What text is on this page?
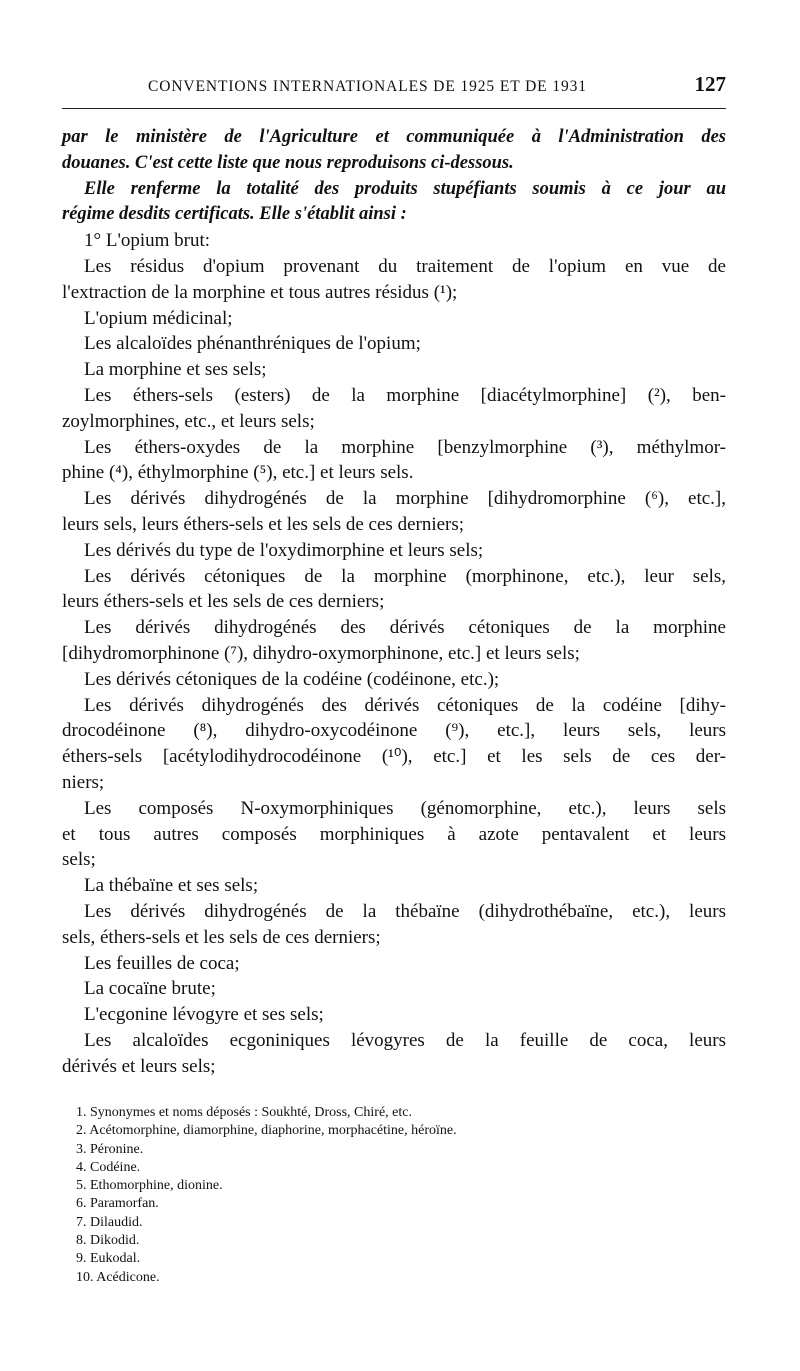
CONVENTIONS INTERNATIONALES DE 1925 ET DE 1931	127
par le ministère de l'Agriculture et communiquée à l'Administration des
douanes. C'est cette liste que nous reproduisons ci-dessous.
Elle renferme la totalité des produits stupéfiants soumis à ce jour au
régime desdits certificats. Elle s'établit ainsi :
1° L'opium brut:
Les résidus d'opium provenant du traitement de l'opium en vue de
l'extraction de la morphine et tous autres résidus (¹);
L'opium médicinal;
Les alcaloïdes phénanthréniques de l'opium;
La morphine et ses sels;
Les éthers-sels (esters) de la morphine [diacétylmorphine] (²), ben-
zoylmorphines, etc., et leurs sels;
Les éthers-oxydes de la morphine [benzylmorphine (³), méthylmor-
phine (⁴), éthylmorphine (⁵), etc.] et leurs sels.
Les dérivés dihydrogénés de la morphine [dihydromorphine (⁶), etc.],
leurs sels, leurs éthers-sels et les sels de ces derniers;
Les dérivés du type de l'oxydimorphine et leurs sels;
Les dérivés cétoniques de la morphine (morphinone, etc.), leur sels,
leurs éthers-sels et les sels de ces derniers;
Les dérivés dihydrogénés des dérivés cétoniques de la morphine
[dihydromorphinone (⁷), dihydro-oxymorphinone, etc.] et leurs sels;
Les dérivés cétoniques de la codéine (codéinone, etc.);
Les dérivés dihydrogénés des dérivés cétoniques de la codéine [dihy-
drocodéinone (⁸), dihydro-oxycodéinone (⁹), etc.], leurs sels, leurs
éthers-sels [acétylodihydrocodéinone (¹⁰), etc.] et les sels de ces der-
niers;
Les composés N-oxymorphiniques (génomorphine, etc.), leurs sels
et tous autres composés morphiniques à azote pentavalent et leurs
sels;
La thébaïne et ses sels;
Les dérivés dihydrogénés de la thébaïne (dihydrothébaïne, etc.), leurs
sels, éthers-sels et les sels de ces derniers;
Les feuilles de coca;
La cocaïne brute;
L'ecgonine lévogyre et ses sels;
Les alcaloïdes ecgoniniques lévogyres de la feuille de coca, leurs
dérivés et leurs sels;
1. Synonymes et noms déposés : Soukhté, Dross, Chiré, etc.
2. Acétomorphine, diamorphine, diaphorine, morphacétine, héroïne.
3. Péronine.
4. Codéine.
5. Ethomorphine, dionine.
6. Paramorfan.
7. Dilaudid.
8. Dikodid.
9. Eukodal.
10. Acédicone.
